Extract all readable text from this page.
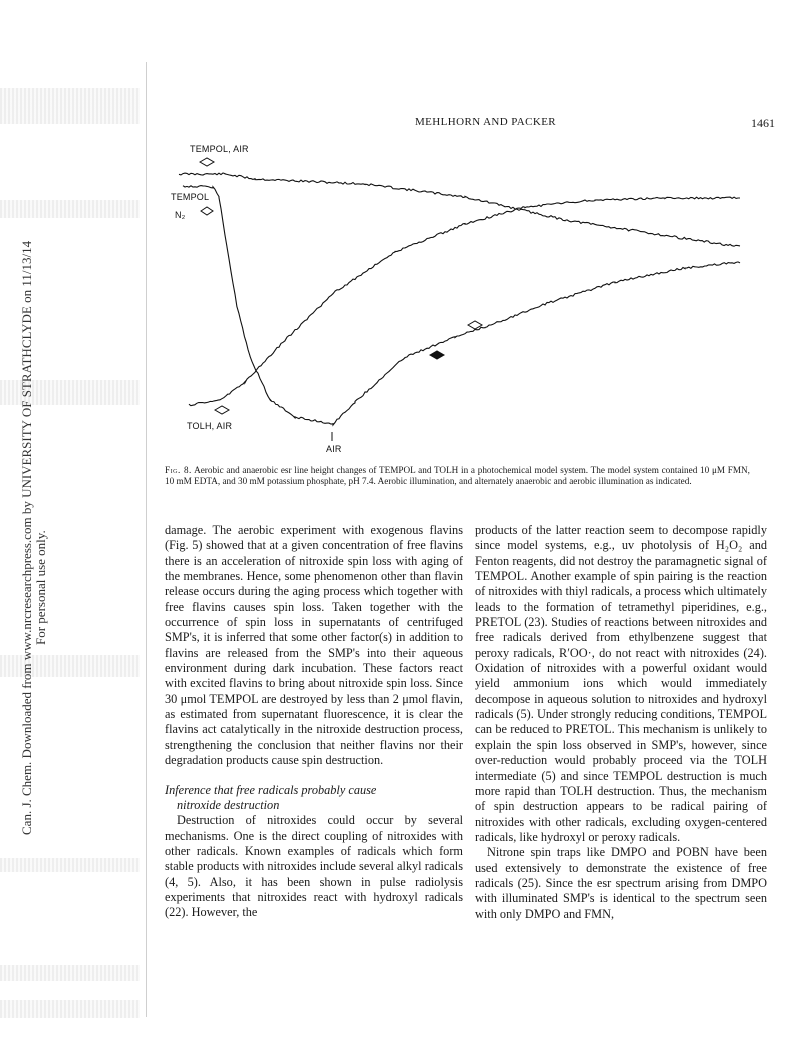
Can. J. Chem. Downloaded from www.nrcresearchpress.com by UNIVERSITY OF STRATHCLYDE on 11/13/14 For personal use only.
MEHLHORN AND PACKER	1461
TEMPOL, AIR
TEMPOL
N₂
TOLH, AIR
AIR
Fig. 8. Aerobic and anaerobic esr line height changes of TEMPOL and TOLH in a photochemical model system. The model system contained 10 μM FMN, 10 mM EDTA, and 30 mM potassium phosphate, pH 7.4. Aerobic illumination, and alternately anaerobic and aerobic illumination as indicated.

damage. The aerobic experiment with exogenous flavins (Fig. 5) showed that at a given concentration of free flavins there is an acceleration of nitroxide spin loss with aging of the membranes. Hence, some phenomenon other than flavin release occurs during the aging process which together with free flavins causes spin loss. Taken together with the occurrence of spin loss in supernatants of centrifuged SMP's, it is inferred that some other factor(s) in addition to flavins are released from the SMP's into their aqueous environment during dark incubation. These factors react with excited flavins to bring about nitroxide spin loss. Since 30 μmol TEMPOL are destroyed by less than 2 μmol flavin, as estimated from supernatant fluorescence, it is clear the flavins act catalytically in the nitroxide destruction process, strengthening the conclusion that neither flavins nor their degradation products cause spin destruction.

Inference that free radicals probably cause
nitroxide destruction

Destruction of nitroxides could occur by several mechanisms. One is the direct coupling of nitroxides with other radicals. Known examples of radicals which form stable products with nitroxides include several alkyl radicals (4, 5). Also, it has been shown in pulse radiolysis experiments that nitroxides react with hydroxyl radicals (22). However, the

products of the latter reaction seem to decompose rapidly since model systems, e.g., uv photolysis of H₂O₂ and Fenton reagents, did not destroy the paramagnetic signal of TEMPOL. Another example of spin pairing is the reaction of nitroxides with thiyl radicals, a process which ultimately leads to the formation of tetramethyl piperidines, e.g., PRETOL (23). Studies of reactions between nitroxides and free radicals derived from ethylbenzene suggest that peroxy radicals, R′OO·, do not react with nitroxides (24). Oxidation of nitroxides with a powerful oxidant would yield ammonium ions which would immediately decompose in aqueous solution to nitroxides and hydroxyl radicals (5). Under strongly reducing conditions, TEMPOL can be reduced to PRETOL. This mechanism is unlikely to explain the spin loss observed in SMP's, however, since over-reduction would probably proceed via the TOLH intermediate (5) and since TEMPOL destruction is much more rapid than TOLH destruction. Thus, the mechanism of spin destruction appears to be radical pairing of nitroxides with other radicals, excluding oxygen-centered radicals, like hydroxyl or peroxy radicals.

Nitrone spin traps like DMPO and POBN have been used extensively to demonstrate the existence of free radicals (25). Since the esr spectrum arising from DMPO with illuminated SMP's is identical to the spectrum seen with only DMPO and FMN,
